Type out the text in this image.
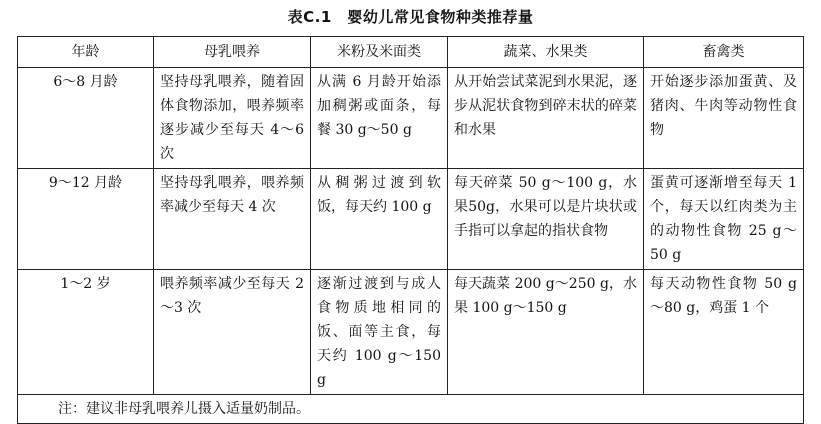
表C.1　婴幼儿常见食物种类推荐量
年龄	母乳喂养	米粉及米面类	蔬菜、水果类	畜禽类
6～8 月龄	坚持母乳喂养，随着固体食物添加，喂养频率逐步减少至每天 4～6 次	从满 6 月龄开始添加稠粥或面条，每餐 30 g～50 g	从开始尝试菜泥到水果泥，逐步从泥状食物到碎末状的碎菜和水果	开始逐步添加蛋黄、及猪肉、牛肉等动物性食物
9～12 月龄	坚持母乳喂养，喂养频率减少至每天 4 次	从稠粥过渡到软饭，每天约 100 g	每天碎菜 50 g～100 g，水果50g，水果可以是片块状或手指可以拿起的指状食物	蛋黄可逐渐增至每天 1 个，每天以红肉类为主的动物性食物 25 g～50 g
1～2 岁	喂养频率减少至每天 2～3 次	逐渐过渡到与成人食物质地相同的饭、面等主食，每天约 100 g～150 g	每天蔬菜 200 g～250 g，水果 100 g～150 g	每天动物性食物 50 g～80 g，鸡蛋 1 个
注：建议非母乳喂养儿摄入适量奶制品。				
